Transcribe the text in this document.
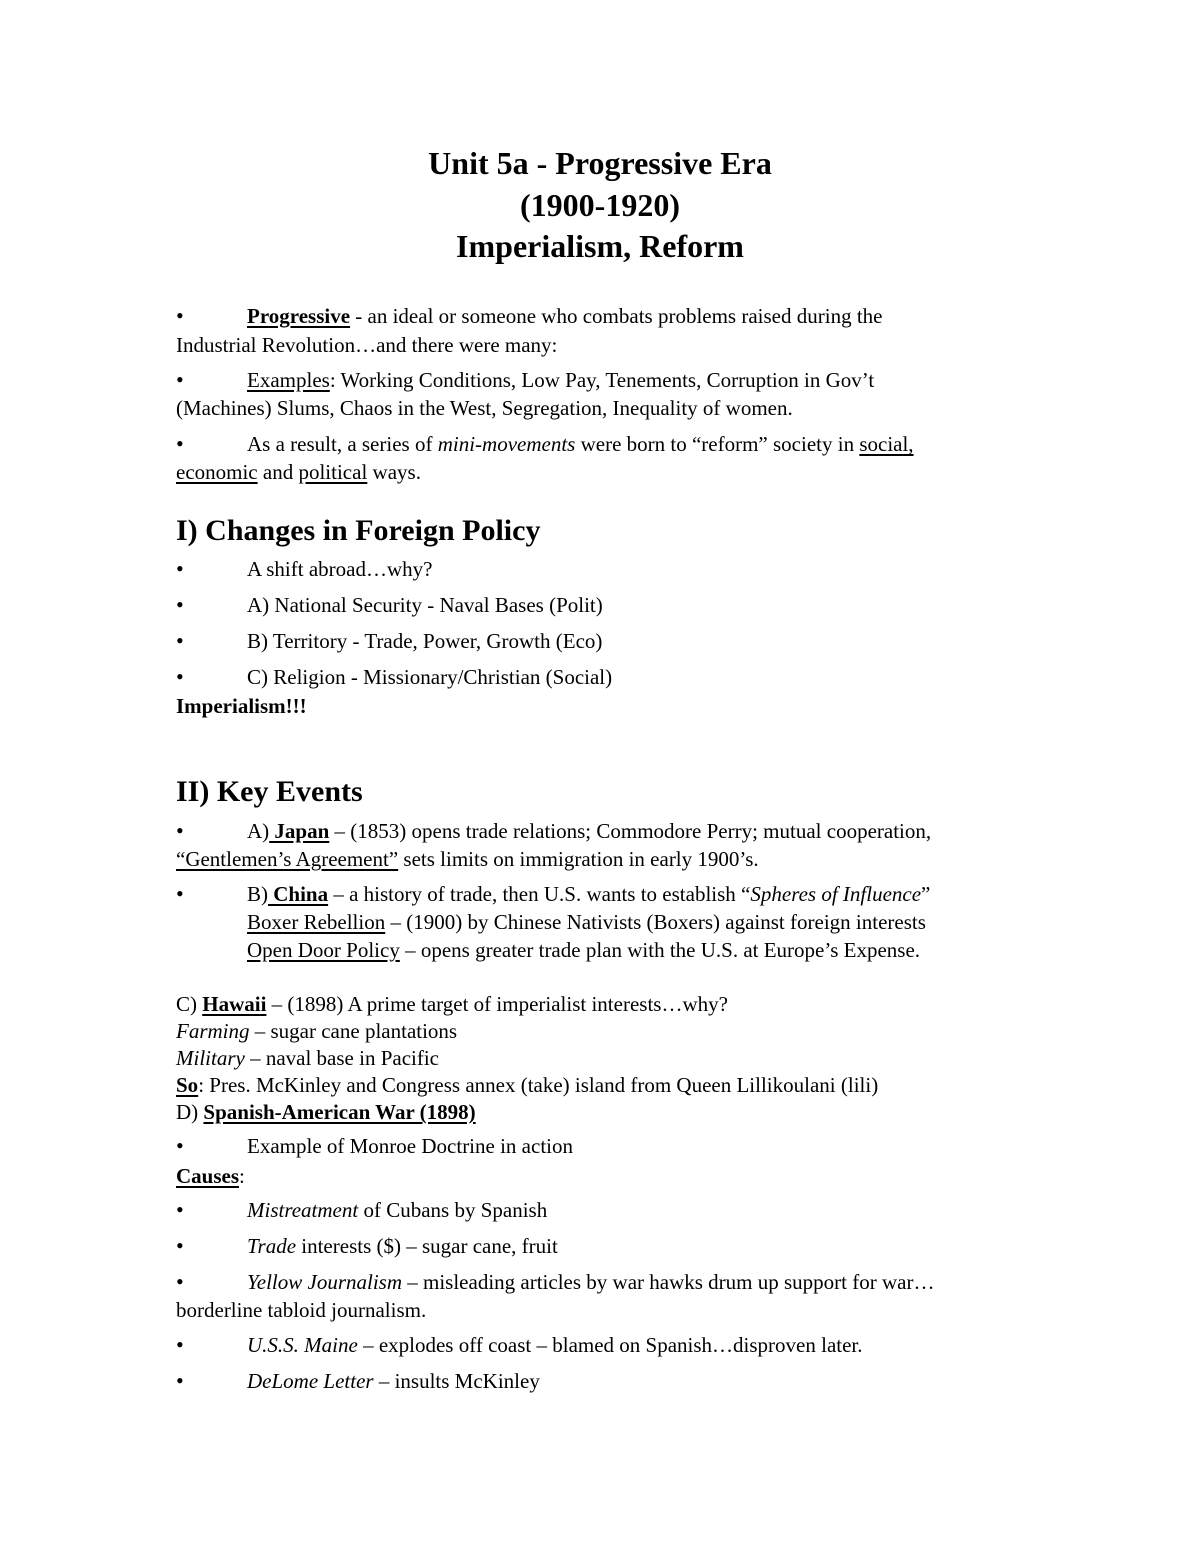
Unit 5a - Progressive Era
(1900-1920)
Imperialism, Reform
•	Progressive - an ideal or someone who combats problems raised during the
Industrial Revolution…and there were many:
•	Examples: Working Conditions, Low Pay, Tenements, Corruption in Gov’t
(Machines) Slums, Chaos in the West, Segregation, Inequality of women.
•	As a result, a series of mini-movements were born to “reform” society in social,
economic and political ways.
I) Changes in Foreign Policy
•	A shift abroad…why?
•	A) National Security - Naval Bases (Polit)
•	B) Territory - Trade, Power, Growth (Eco)
•	C) Religion - Missionary/Christian (Social)
Imperialism!!!
II) Key Events
•	A) Japan – (1853) opens trade relations; Commodore Perry; mutual cooperation,
“Gentlemen’s Agreement” sets limits on immigration in early 1900’s.
•	B) China – a history of trade, then U.S. wants to establish “Spheres of Influence”
Boxer Rebellion – (1900) by Chinese Nativists (Boxers) against foreign interests
Open Door Policy – opens greater trade plan with the U.S. at Europe’s Expense.
C) Hawaii – (1898) A prime target of imperialist interests…why?
Farming – sugar cane plantations
Military – naval base in Pacific
So: Pres. McKinley and Congress annex (take) island from Queen Lillikoulani (lili)
D) Spanish-American War (1898)
•	Example of Monroe Doctrine in action
Causes:
•	Mistreatment of Cubans by Spanish
•	Trade interests ($) – sugar cane, fruit
•	Yellow Journalism – misleading articles by war hawks drum up support for war…
borderline tabloid journalism.
•	U.S.S. Maine – explodes off coast – blamed on Spanish…disproven later.
•	DeLome Letter – insults McKinley
